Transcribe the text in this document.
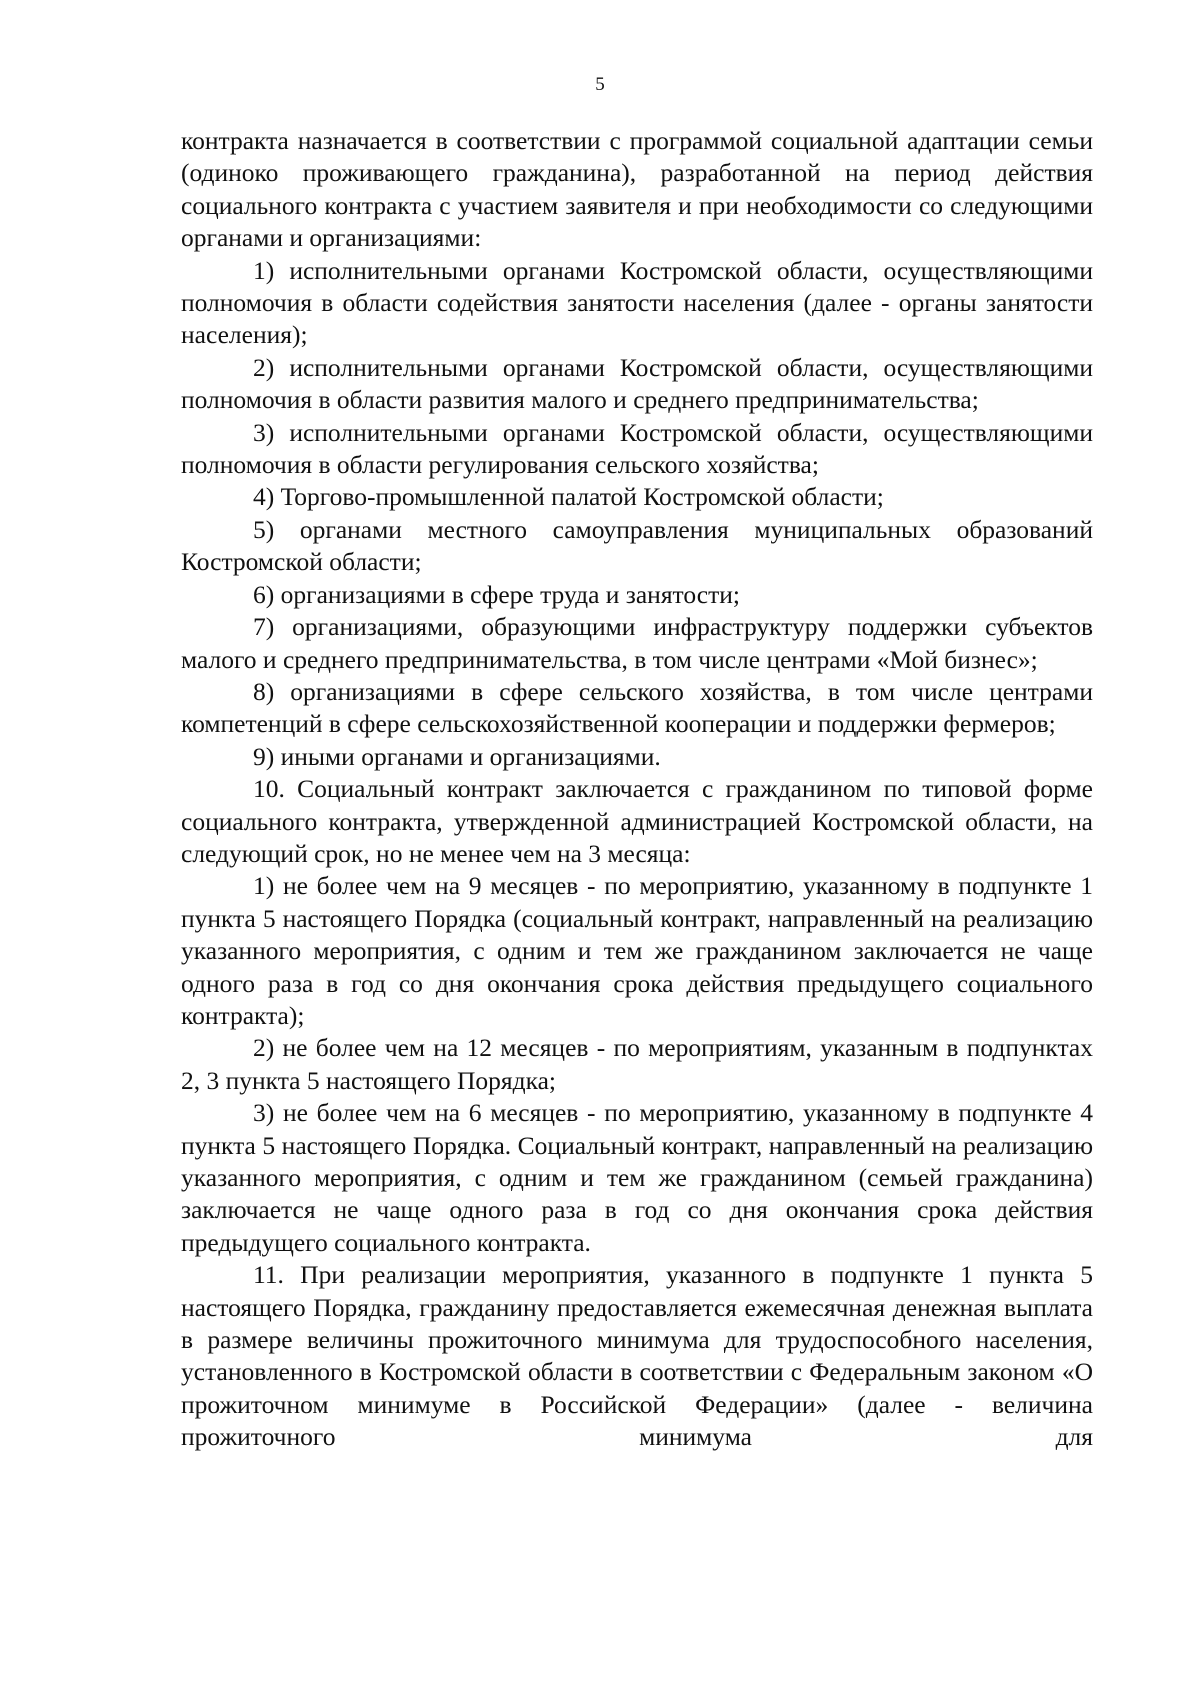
5

контракта назначается в соответствии с программой социальной адаптации семьи (одиноко проживающего гражданина), разработанной на период действия социального контракта с участием заявителя и при необходимости со следующими органами и организациями:

1) исполнительными органами Костромской области, осуществляющими полномочия в области содействия занятости населения (далее - органы занятости населения);

2) исполнительными органами Костромской области, осуществляющими полномочия в области развития малого и среднего предпринимательства;

3) исполнительными органами Костромской области, осуществляющими полномочия в области регулирования сельского хозяйства;

4) Торгово-промышленной палатой Костромской области;

5) органами местного самоуправления муниципальных образований Костромской области;

6) организациями в сфере труда и занятости;

7) организациями, образующими инфраструктуру поддержки субъектов малого и среднего предпринимательства, в том числе центрами «Мой бизнес»;

8) организациями в сфере сельского хозяйства, в том числе центрами компетенций в сфере сельскохозяйственной кооперации и поддержки фермеров;

9) иными органами и организациями.

10. Социальный контракт заключается с гражданином по типовой форме социального контракта, утвержденной администрацией Костромской области, на следующий срок, но не менее чем на 3 месяца:

1) не более чем на 9 месяцев - по мероприятию, указанному в подпункте 1 пункта 5 настоящего Порядка (социальный контракт, направленный на реализацию указанного мероприятия, с одним и тем же гражданином заключается не чаще одного раза в год со дня окончания срока действия предыдущего социального контракта);

2) не более чем на 12 месяцев - по мероприятиям, указанным в подпунктах 2, 3 пункта 5 настоящего Порядка;

3) не более чем на 6 месяцев - по мероприятию, указанному в подпункте 4 пункта 5 настоящего Порядка. Социальный контракт, направленный на реализацию указанного мероприятия, с одним и тем же гражданином (семьей гражданина) заключается не чаще одного раза в год со дня окончания срока действия предыдущего социального контракта.

11. При реализации мероприятия, указанного в подпункте 1 пункта 5 настоящего Порядка, гражданину предоставляется ежемесячная денежная выплата в размере величины прожиточного минимума для трудоспособного населения, установленного в Костромской области в соответствии с Федеральным законом «О прожиточном минимуме в Российской Федерации» (далее - величина прожиточного минимума для
